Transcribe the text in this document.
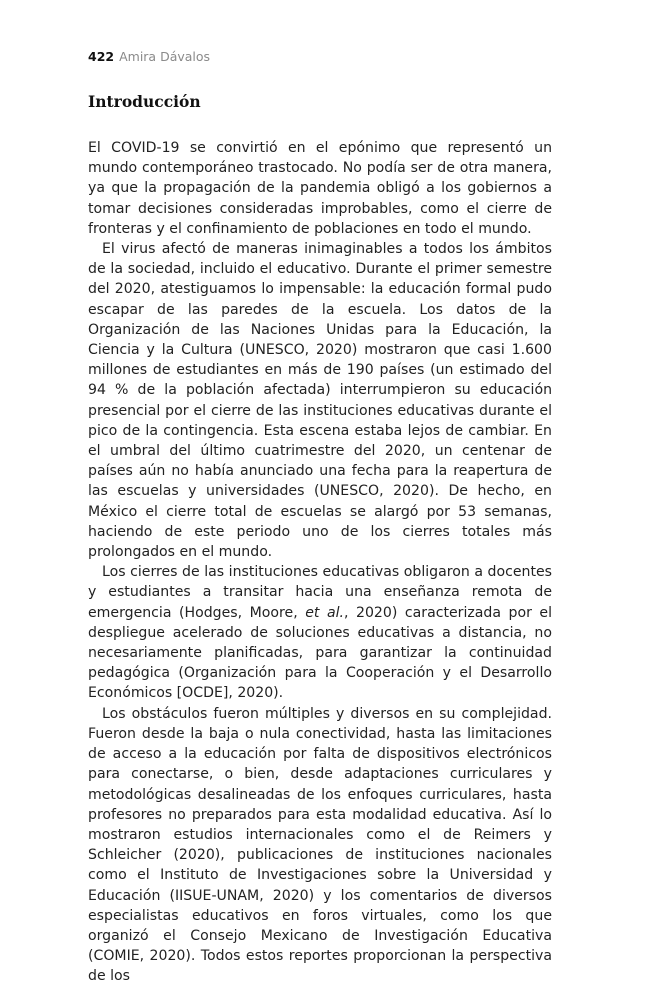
422 Amira Dávalos
Introducción

El COVID-19 se convirtió en el epónimo que representó un mundo contemporáneo trastocado. No podía ser de otra manera, ya que la propagación de la pandemia obligó a los gobiernos a tomar decisiones consideradas improbables, como el cierre de fronteras y el confinamiento de poblaciones en todo el mundo.

El virus afectó de maneras inimaginables a todos los ámbitos de la sociedad, incluido el educativo. Durante el primer semestre del 2020, atestiguamos lo impensable: la educación formal pudo escapar de las paredes de la escuela. Los datos de la Organización de las Naciones Unidas para la Educación, la Ciencia y la Cultura (UNESCO, 2020) mostraron que casi 1.600 millones de estudiantes en más de 190 países (un estimado del 94 % de la población afectada) interrumpieron su educación presencial por el cierre de las instituciones educativas durante el pico de la contingencia. Esta escena estaba lejos de cambiar. En el umbral del último cuatrimestre del 2020, un centenar de países aún no había anunciado una fecha para la reapertura de las escuelas y universidades (UNESCO, 2020). De hecho, en México el cierre total de escuelas se alargó por 53 semanas, haciendo de este periodo uno de los cierres totales más prolongados en el mundo.

Los cierres de las instituciones educativas obligaron a docentes y estudiantes a transitar hacia una enseñanza remota de emergencia (Hodges, Moore, et al., 2020) caracterizada por el despliegue acelerado de soluciones educativas a distancia, no necesariamente planificadas, para garantizar la continuidad pedagógica (Organización para la Cooperación y el Desarrollo Económicos [OCDE], 2020).

Los obstáculos fueron múltiples y diversos en su complejidad. Fueron desde la baja o nula conectividad, hasta las limitaciones de acceso a la educación por falta de dispositivos electrónicos para conectarse, o bien, desde adaptaciones curriculares y metodológicas desalineadas de los enfoques curriculares, hasta profesores no preparados para esta modalidad educativa. Así lo mostraron estudios internacionales como el de Reimers y Schleicher (2020), publicaciones de instituciones nacionales como el Instituto de Investigaciones sobre la Universidad y Educación (IISUE-UNAM, 2020) y los comentarios de diversos especialistas educativos en foros virtuales, como los que organizó el Consejo Mexicano de Investigación Educativa (COMIE, 2020). Todos estos reportes proporcionan la perspectiva de los
